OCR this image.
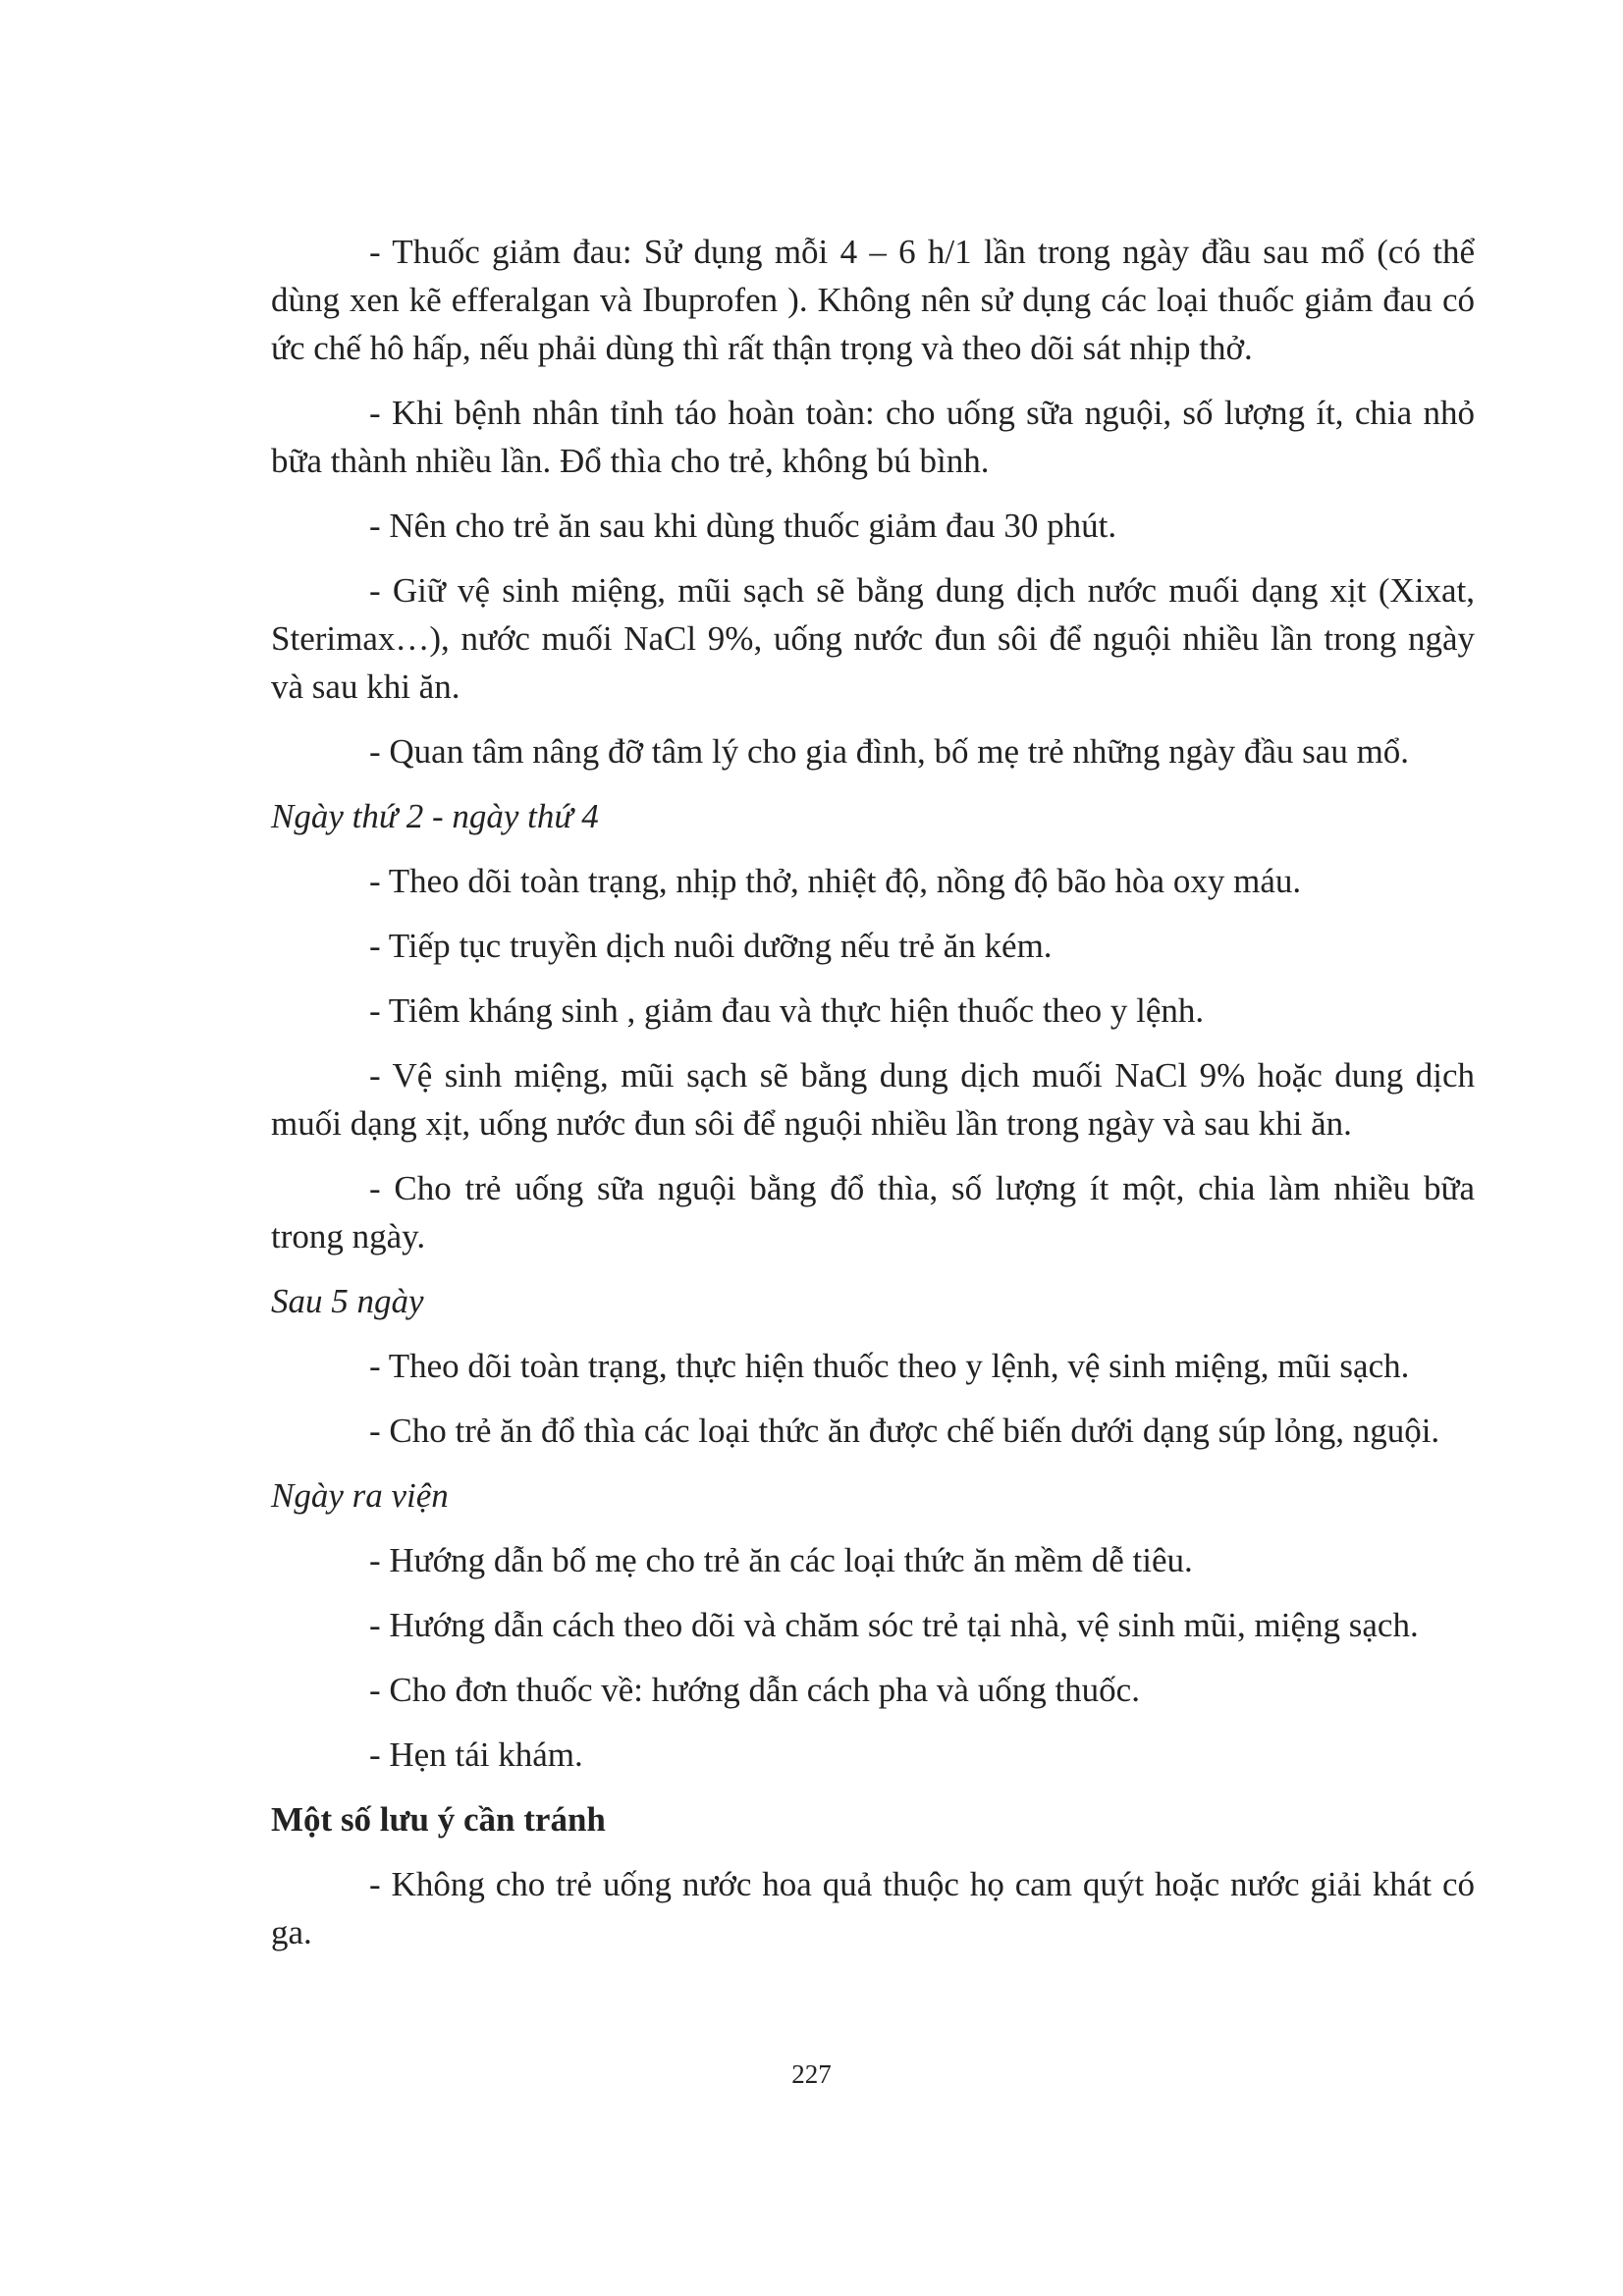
- Thuốc giảm đau: Sử dụng mỗi 4 – 6 h/1 lần trong ngày đầu sau mổ (có thể dùng xen kẽ efferalgan và Ibuprofen ). Không nên sử dụng các loại thuốc giảm đau có ức chế hô hấp, nếu phải dùng thì rất thận trọng và theo dõi sát nhịp thở.

- Khi bệnh nhân tỉnh táo hoàn toàn: cho uống sữa nguội, số lượng ít, chia nhỏ bữa thành nhiều lần. Đổ thìa cho trẻ, không bú bình.

- Nên cho trẻ ăn sau khi dùng thuốc giảm đau 30 phút.

- Giữ vệ sinh miệng, mũi sạch sẽ bằng dung dịch nước muối dạng xịt (Xixat, Sterimax…), nước muối NaCl 9%, uống nước đun sôi để nguội nhiều lần trong ngày và sau khi ăn.

- Quan tâm nâng đỡ tâm lý cho gia đình, bố mẹ trẻ những ngày đầu sau mổ.

Ngày thứ 2 - ngày thứ 4

- Theo dõi toàn trạng, nhịp thở, nhiệt độ, nồng độ bão hòa oxy máu.

- Tiếp tục truyền dịch nuôi dưỡng nếu trẻ ăn kém.

- Tiêm kháng sinh , giảm đau và thực hiện thuốc theo y lệnh.

- Vệ sinh miệng, mũi sạch sẽ bằng dung dịch muối NaCl 9% hoặc dung dịch muối dạng xịt, uống nước đun sôi để nguội nhiều lần trong ngày và sau khi ăn.

- Cho trẻ uống sữa nguội bằng đổ thìa, số lượng ít một, chia làm nhiều bữa trong ngày.

Sau 5 ngày

- Theo dõi toàn trạng, thực hiện thuốc theo y lệnh, vệ sinh miệng, mũi sạch.

- Cho trẻ ăn đổ thìa các loại thức ăn được chế biến dưới dạng súp lỏng, nguội.

Ngày ra viện

- Hướng dẫn bố mẹ cho trẻ ăn các loại thức ăn mềm dễ tiêu.

- Hướng dẫn cách theo dõi và chăm sóc trẻ tại nhà, vệ sinh mũi, miệng sạch.

- Cho đơn thuốc về: hướng dẫn cách pha và uống thuốc.

- Hẹn tái khám.

Một số lưu ý cần tránh

- Không cho trẻ uống nước hoa quả thuộc họ cam quýt hoặc nước giải khát có ga.

227
